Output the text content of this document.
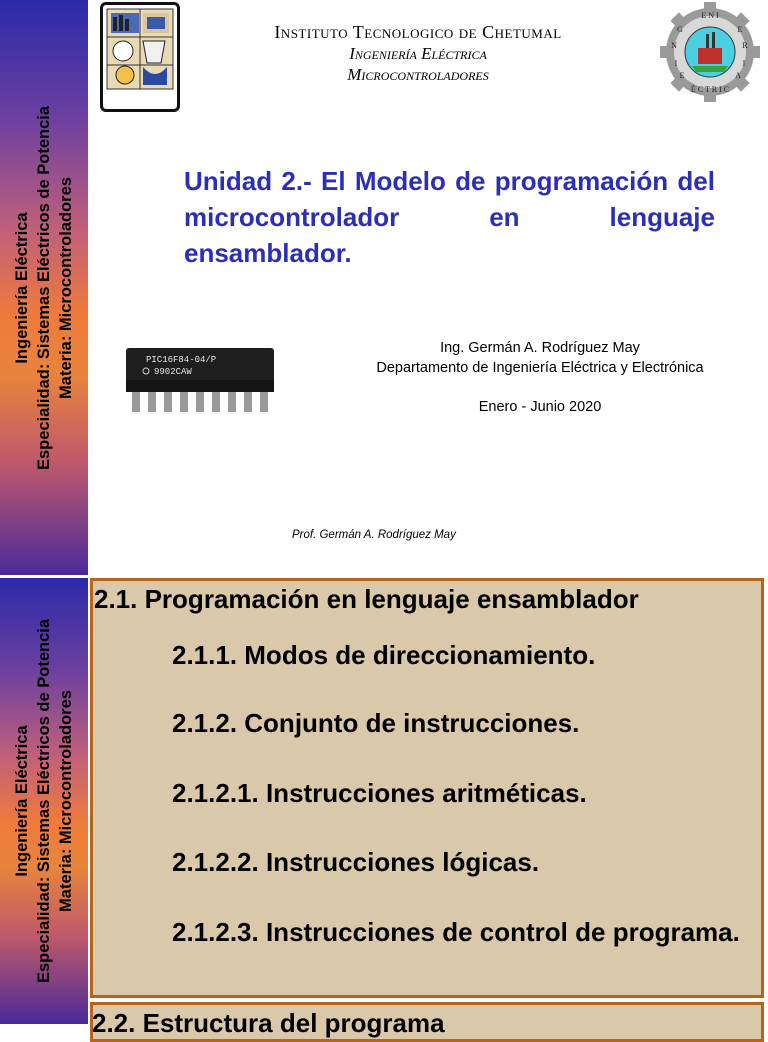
Ingeniería Eléctrica Especialidad: Sistemas Eléctricos de Potencia Materia: Microcontroladores
Instituto Tecnologico de Chetumal
Ingeniería Eléctrica
Microcontroladores
E N I
G
N
I
E
E
R
I
A
É C T R I C
Unidad 2.- El Modelo de programación del microcontrolador en lenguaje ensamblador.
PIC16F84-04/P
9902CAW
Ing. Germán A. Rodríguez May
Departamento de Ingeniería Eléctrica y Electrónica
Enero - Junio 2020
Prof. Germán A. Rodríguez May
Ingeniería Eléctrica Especialidad: Sistemas Eléctricos de Potencia Materia: Microcontroladores
2.1. Programación en lenguaje ensamblador
2.1.1. Modos de direccionamiento.
2.1.2. Conjunto de instrucciones.
2.1.2.1. Instrucciones aritméticas.
2.1.2.2. Instrucciones lógicas.
2.1.2.3. Instrucciones de control de programa.
2.2. Estructura del programa
